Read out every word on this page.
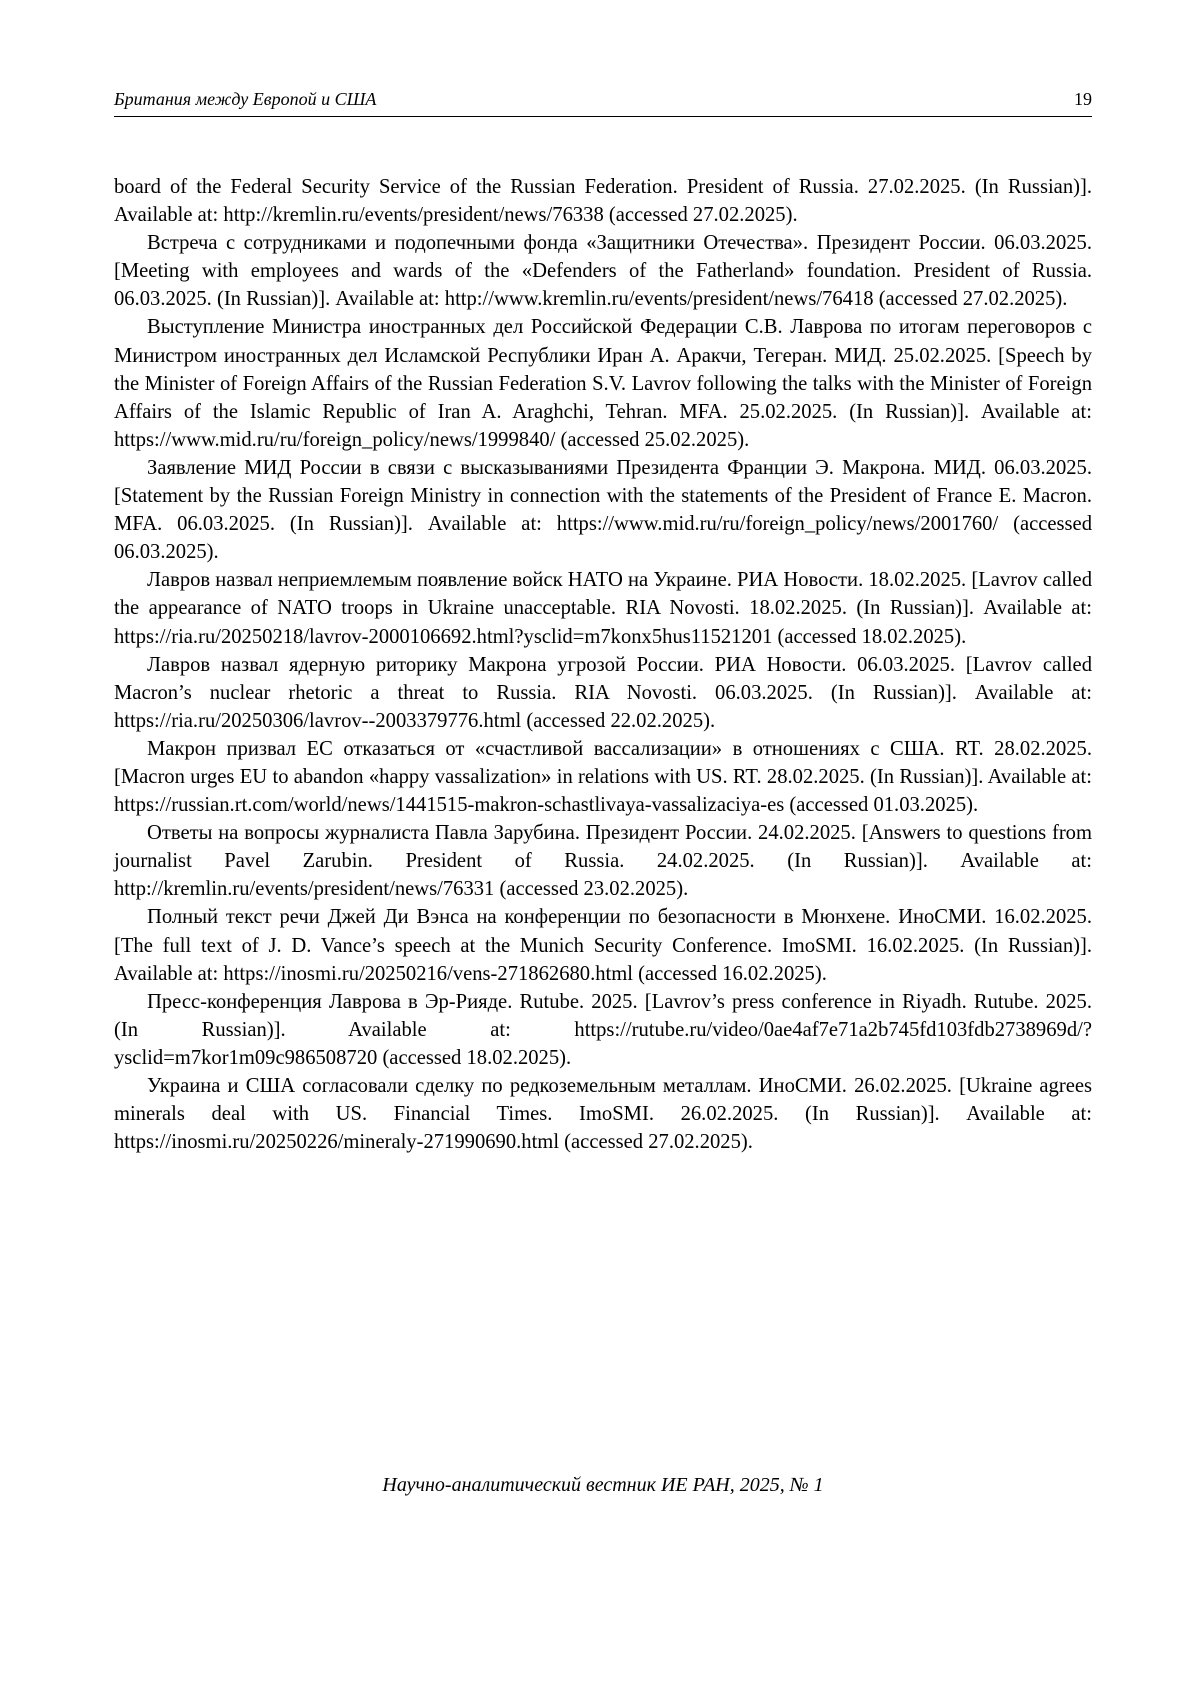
Британия между Европой и США	19

board of the Federal Security Service of the Russian Federation. President of Russia. 27.02.2025. (In Russian)]. Available at: http://kremlin.ru/events/president/news/76338 (accessed 27.02.2025).

Встреча с сотрудниками и подопечными фонда «Защитники Отечества». Президент России. 06.03.2025. [Meeting with employees and wards of the «Defenders of the Fatherland» foundation. President of Russia. 06.03.2025. (In Russian)]. Available at: http://www.kremlin.ru/events/president/news/76418 (accessed 27.02.2025).

Выступление Министра иностранных дел Российской Федерации С.В. Лаврова по итогам переговоров с Министром иностранных дел Исламской Республики Иран А. Аракчи, Тегеран. МИД. 25.02.2025. [Speech by the Minister of Foreign Affairs of the Russian Federation S.V. Lavrov following the talks with the Minister of Foreign Affairs of the Islamic Republic of Iran A. Araghchi, Tehran. MFA. 25.02.2025. (In Russian)]. Available at: https://www.mid.ru/ru/foreign_policy/news/1999840/ (accessed 25.02.2025).

Заявление МИД России в связи с высказываниями Президента Франции Э. Макрона. МИД. 06.03.2025. [Statement by the Russian Foreign Ministry in connection with the statements of the President of France E. Macron. MFA. 06.03.2025. (In Russian)]. Available at: https://www.mid.ru/ru/foreign_policy/news/2001760/ (accessed 06.03.2025).

Лавров назвал неприемлемым появление войск НАТО на Украине. РИА Новости. 18.02.2025. [Lavrov called the appearance of NATO troops in Ukraine unacceptable. RIA Novosti. 18.02.2025. (In Russian)]. Available at: https://ria.ru/20250218/lavrov-2000106692.html?ysclid=m7konx5hus11521201 (accessed 18.02.2025).

Лавров назвал ядерную риторику Макрона угрозой России. РИА Новости. 06.03.2025. [Lavrov called Macron’s nuclear rhetoric a threat to Russia. RIA Novosti. 06.03.2025. (In Russian)]. Available at: https://ria.ru/20250306/lavrov--2003379776.html (accessed 22.02.2025).

Макрон призвал ЕС отказаться от «счастливой вассализации» в отношениях с США. RT. 28.02.2025. [Macron urges EU to abandon «happy vassalization» in relations with US. RT. 28.02.2025. (In Russian)]. Available at: https://russian.rt.com/world/news/1441515-makron-schastlivaya-vassalizaciya-es (accessed 01.03.2025).

Ответы на вопросы журналиста Павла Зарубина. Президент России. 24.02.2025. [Answers to questions from journalist Pavel Zarubin. President of Russia. 24.02.2025. (In Russian)]. Available at: http://kremlin.ru/events/president/news/76331 (accessed 23.02.2025).

Полный текст речи Джей Ди Вэнса на конференции по безопасности в Мюнхене. ИноСМИ. 16.02.2025. [The full text of J. D. Vance’s speech at the Munich Security Conference. ImoSMI. 16.02.2025. (In Russian)]. Available at: https://inosmi.ru/20250216/vens-271862680.html (accessed 16.02.2025).

Пресс-конференция Лаврова в Эр-Рияде. Rutube. 2025. [Lavrov’s press conference in Riyadh. Rutube. 2025. (In Russian)]. Available at: https://rutube.ru/video/0ae4af7e71a2b745fd103fdb2738969d/?ysclid=m7kor1m09c986508720 (accessed 18.02.2025).

Украина и США согласовали сделку по редкоземельным металлам. ИноСМИ. 26.02.2025. [Ukraine agrees minerals deal with US. Financial Times. ImoSMI. 26.02.2025. (In Russian)]. Available at: https://inosmi.ru/20250226/mineraly-271990690.html (accessed 27.02.2025).

Научно-аналитический вестник ИЕ РАН, 2025, № 1
